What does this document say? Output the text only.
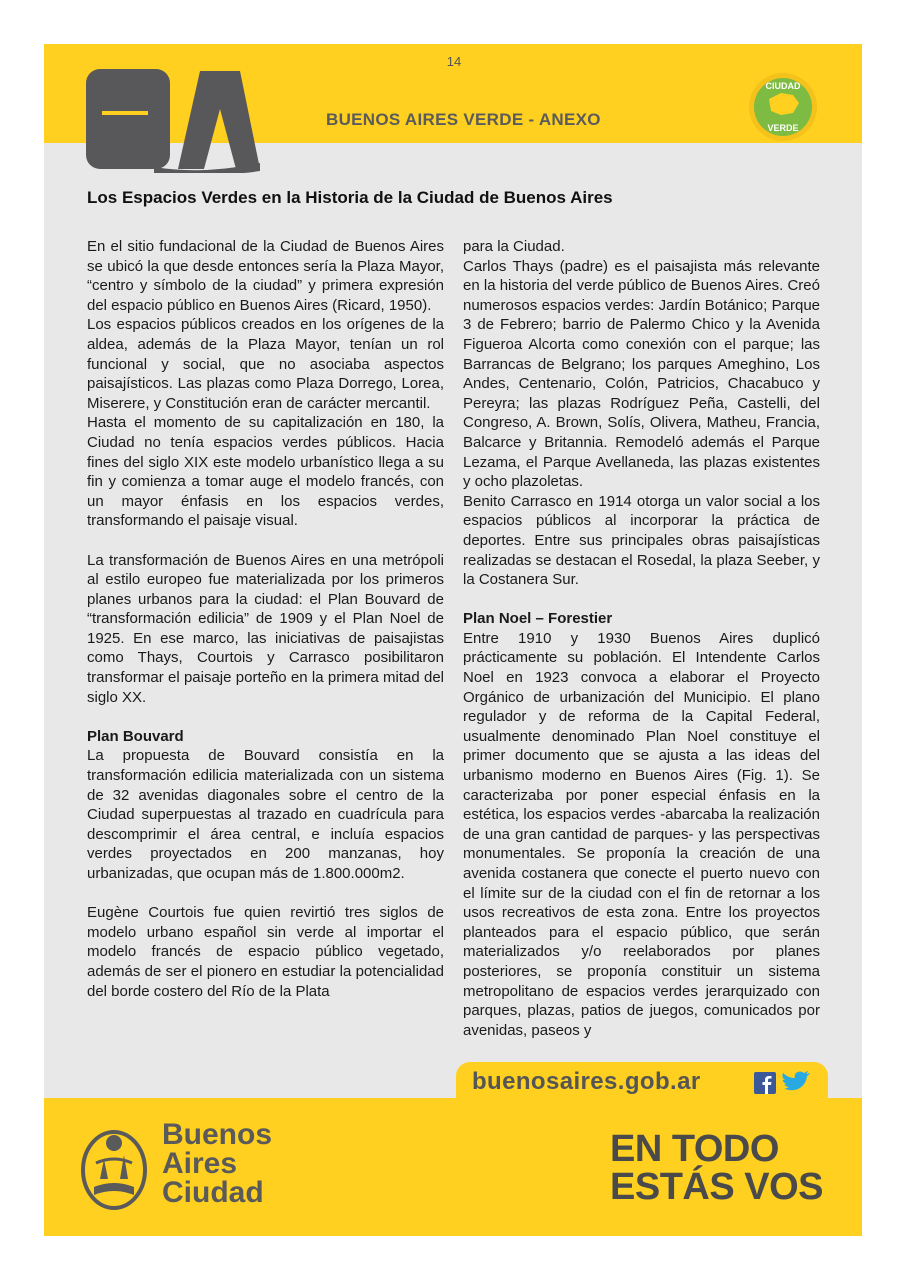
14
BUENOS AIRES VERDE - ANEXO
CIUDAD
VERDE
Los Espacios Verdes en la Historia de la Ciudad de Buenos Aires

En el sitio fundacional de la Ciudad de Buenos Aires se ubicó la que desde entonces sería la Plaza Mayor, “centro y símbolo de la ciudad” y primera expresión del espacio público en Buenos Aires (Ricard, 1950).

Los espacios públicos creados en los orígenes de la aldea, además de la Plaza Mayor, tenían un rol funcional y social, que no asociaba aspectos paisajísticos. Las plazas como Plaza Dorrego, Lorea, Miserere, y Constitución eran de carácter mercantil.

Hasta el momento de su capitalización en 180, la Ciudad no tenía espacios verdes públicos. Hacia fines del siglo XIX este modelo urbanístico llega a su fin y comienza a tomar auge el modelo francés, con un mayor énfasis en los espacios verdes, transformando el paisaje visual.

La transformación de Buenos Aires en una metrópoli al estilo europeo fue materializada por los primeros planes urbanos para la ciudad: el Plan Bouvard de “transformación edilicia” de 1909 y el Plan Noel de 1925. En ese marco, las iniciativas de paisajistas como Thays, Courtois y Carrasco posibilitaron transformar el paisaje porteño en la primera mitad del siglo XX.

Plan Bouvard

La propuesta de Bouvard consistía en la transformación edilicia materializada con un sistema de 32 avenidas diagonales sobre el centro de la Ciudad superpuestas al trazado en cuadrícula para descomprimir el área central, e incluía espacios verdes proyectados en 200 manzanas, hoy urbanizadas, que ocupan más de 1.800.000m2.

Eugène Courtois fue quien revirtió tres siglos de modelo urbano español sin verde al importar el modelo francés de espacio público vegetado, además de ser el pionero en estudiar la potencialidad del borde costero del Río de la Plata

para la Ciudad.

Carlos Thays (padre) es el paisajista más relevante en la historia del verde público de Buenos Aires. Creó numerosos espacios verdes: Jardín Botánico; Parque 3 de Febrero; barrio de Palermo Chico y la Avenida Figueroa Alcorta como conexión con el parque; las Barrancas de Belgrano; los parques Ameghino, Los Andes, Centenario, Colón, Patricios, Chacabuco y Pereyra; las plazas Rodríguez Peña, Castelli, del Congreso, A. Brown, Solís, Olivera, Matheu, Francia, Balcarce y Britannia. Remodeló además el Parque Lezama, el Parque Avellaneda, las plazas existentes y ocho plazoletas.

Benito Carrasco en 1914 otorga un valor social a los espacios públicos al incorporar la práctica de deportes. Entre sus principales obras paisajísticas realizadas se destacan el Rosedal, la plaza Seeber, y la Costanera Sur.

Plan Noel – Forestier

Entre 1910 y 1930 Buenos Aires duplicó prácticamente su población. El Intendente Carlos Noel en 1923 convoca a elaborar el Proyecto Orgánico de urbanización del Municipio. El plano regulador y de reforma de la Capital Federal, usualmente denominado Plan Noel constituye el primer documento que se ajusta a las ideas del urbanismo moderno en Buenos Aires (Fig. 1). Se caracterizaba por poner especial énfasis en la estética, los espacios verdes -abarcaba la realización de una gran cantidad de parques- y las perspectivas monumentales. Se proponía la creación de una avenida costanera que conecte el puerto nuevo con el límite sur de la ciudad con el fin de retornar a los usos recreativos de esta zona. Entre los proyectos planteados para el espacio público, que serán materializados y/o reelaborados por planes posteriores, se proponía constituir un sistema metropolitano de espacios verdes jerarquizado con parques, plazas, patios de juegos, comunicados por avenidas, paseos y

buenosaires.gob.ar
Buenos
Aires
Ciudad
EN TODO
ESTÁS VOS
